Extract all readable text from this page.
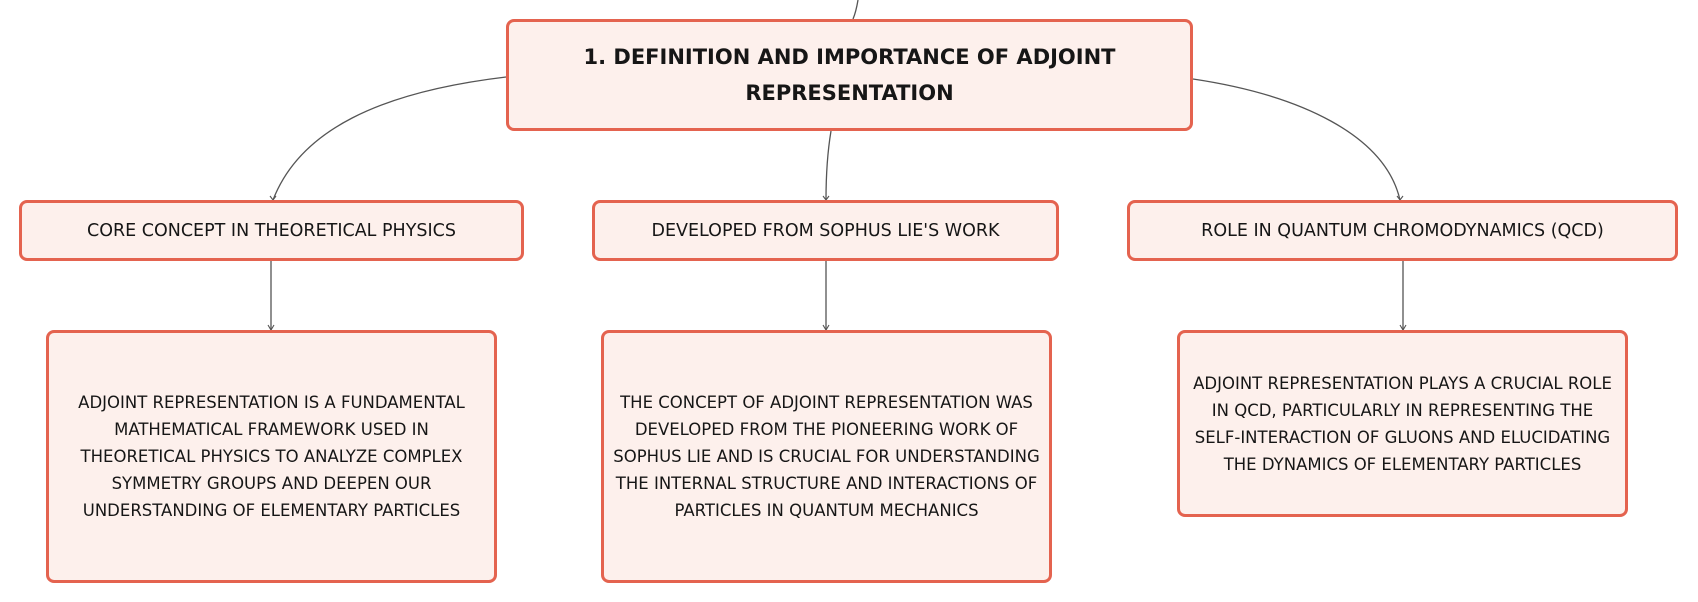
1. DEFINITION AND IMPORTANCE OF ADJOINT REPRESENTATION
CORE CONCEPT IN THEORETICAL PHYSICS	DEVELOPED FROM SOPHUS LIE'S WORK	ROLE IN QUANTUM CHROMODYNAMICS (QCD)
ADJOINT REPRESENTATION IS A FUNDAMENTAL MATHEMATICAL FRAMEWORK USED IN THEORETICAL PHYSICS TO ANALYZE COMPLEX SYMMETRY GROUPS AND DEEPEN OUR UNDERSTANDING OF ELEMENTARY PARTICLES
THE CONCEPT OF ADJOINT REPRESENTATION WAS DEVELOPED FROM THE PIONEERING WORK OF SOPHUS LIE AND IS CRUCIAL FOR UNDERSTANDING THE INTERNAL STRUCTURE AND INTERACTIONS OF PARTICLES IN QUANTUM MECHANICS
ADJOINT REPRESENTATION PLAYS A CRUCIAL ROLE IN QCD, PARTICULARLY IN REPRESENTING THE SELF-INTERACTION OF GLUONS AND ELUCIDATING THE DYNAMICS OF ELEMENTARY PARTICLES
